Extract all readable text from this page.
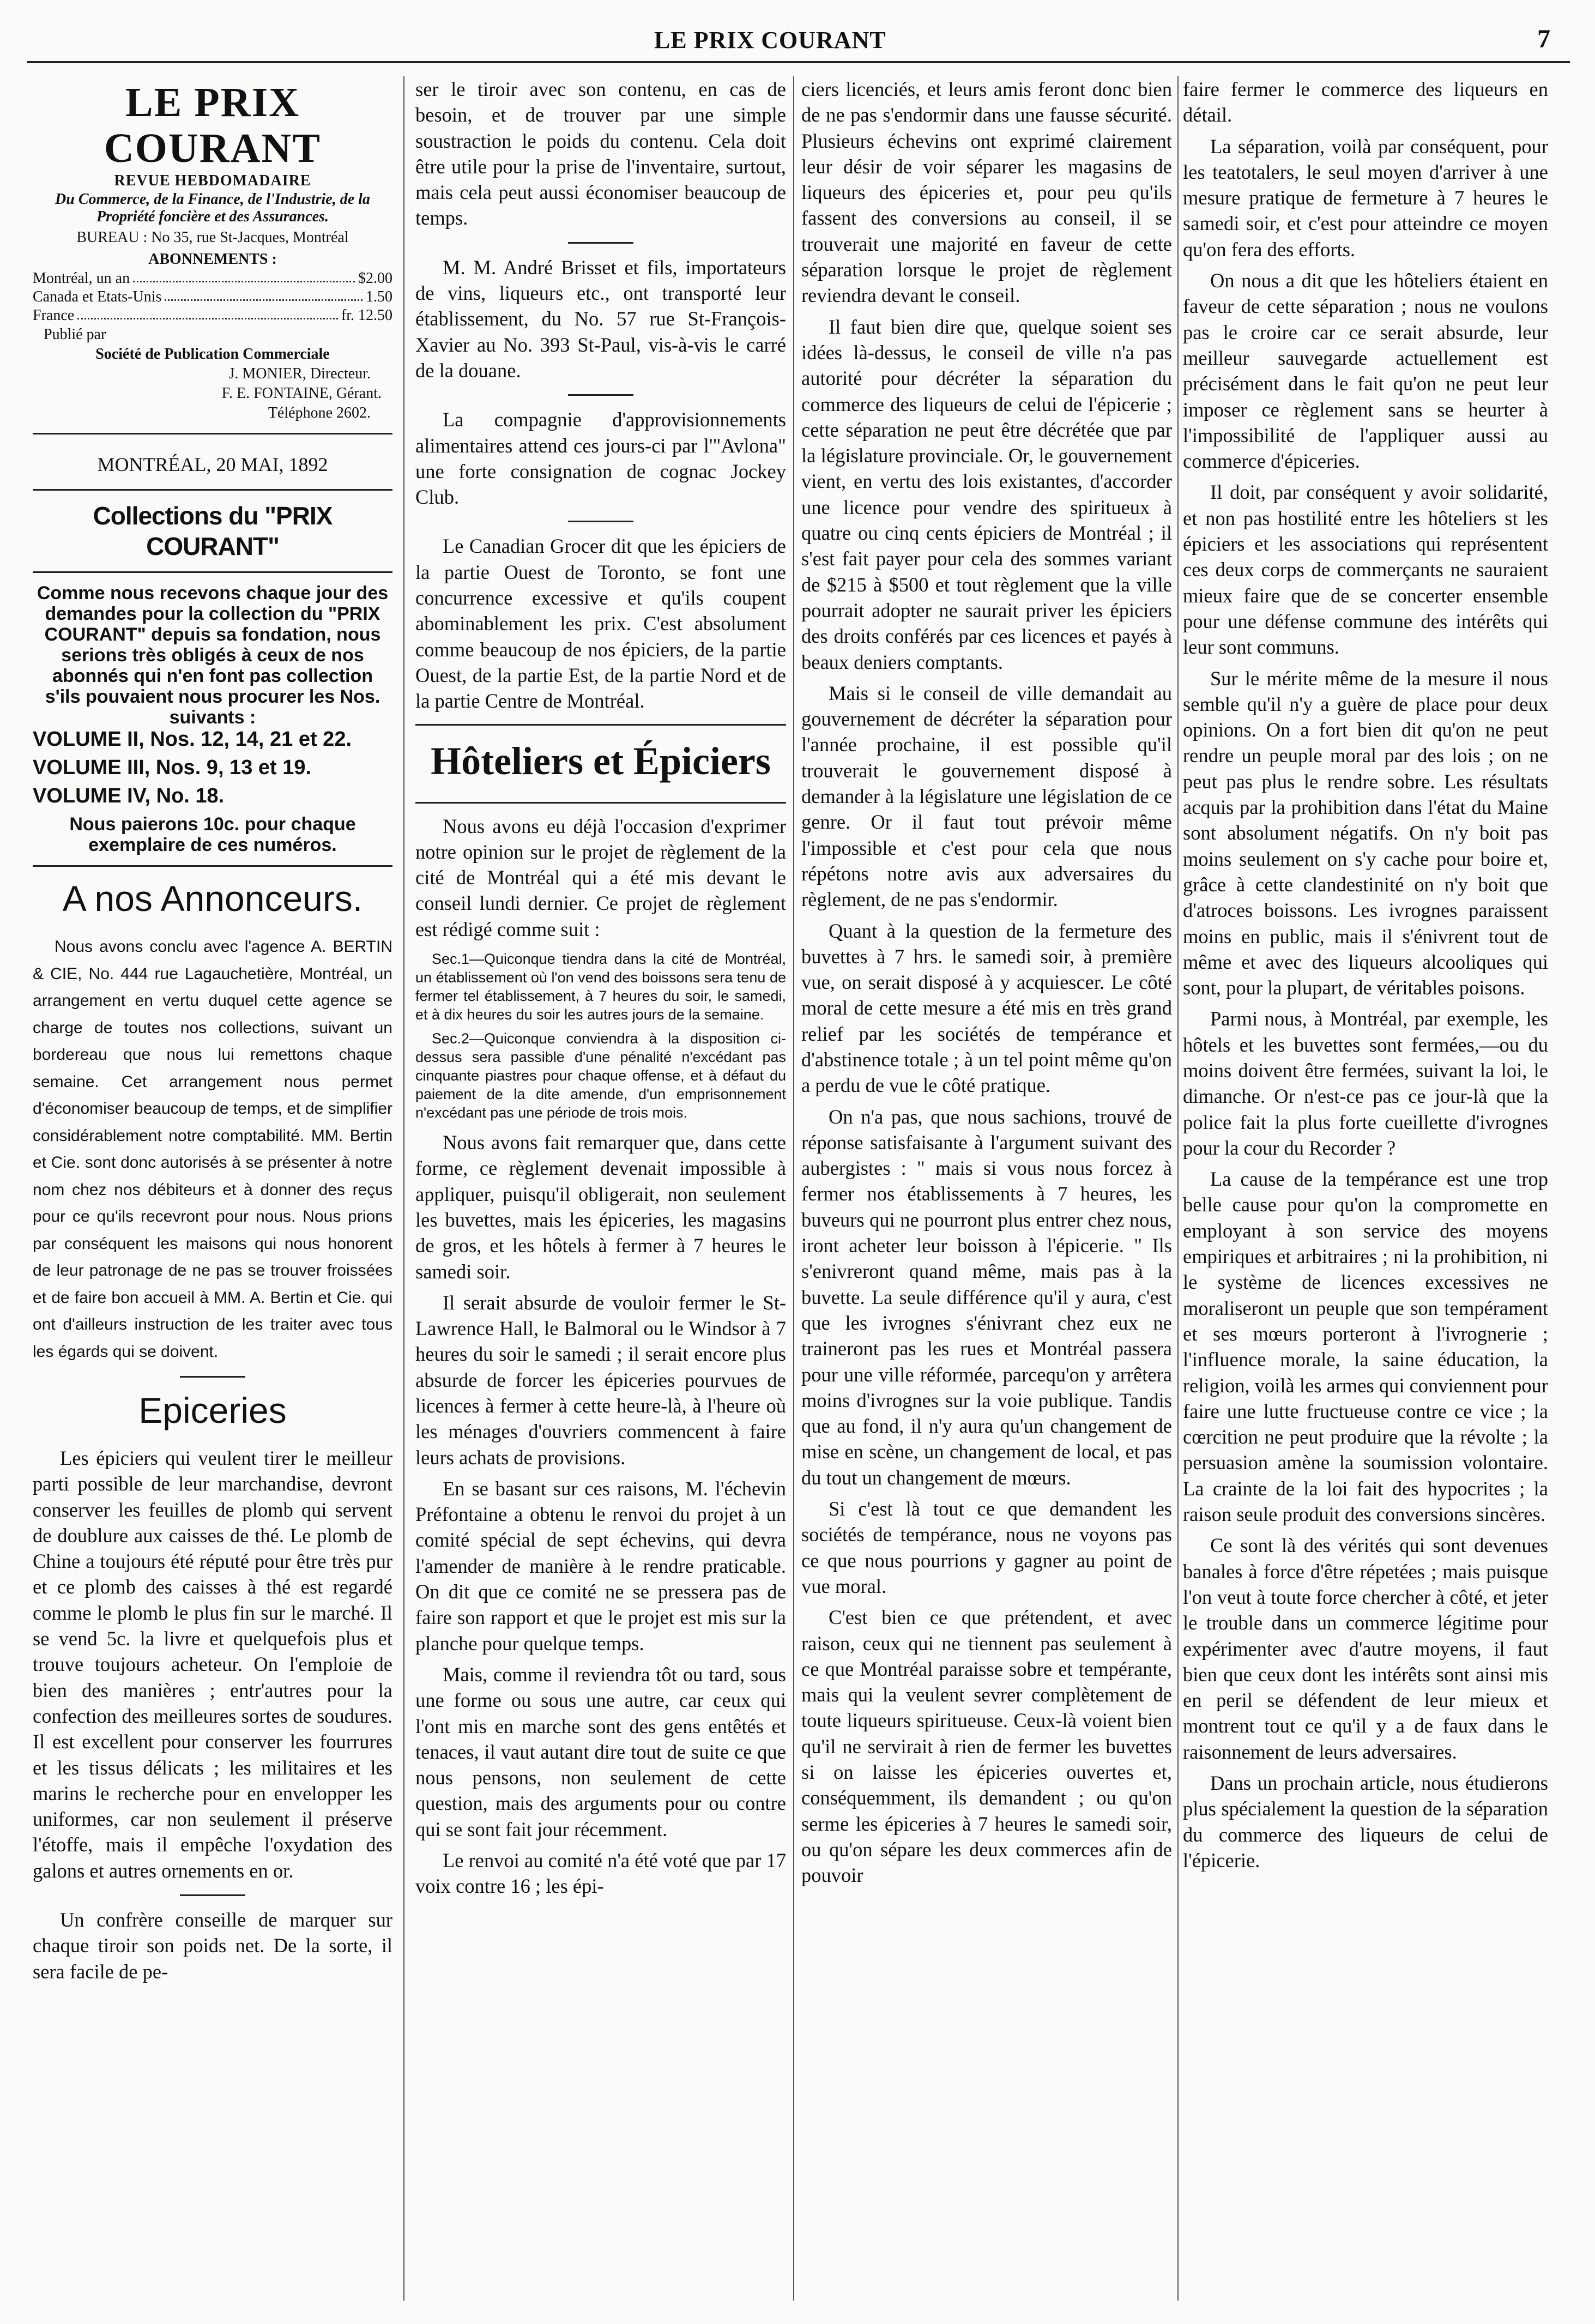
LE PRIX COURANT	7
LE PRIX COURANT
REVUE HEBDOMADAIRE
Du Commerce, de la Finance, de l'Industrie, de la Propriété foncière et des Assurances.
BUREAU : No 35, rue St-Jacques, Montréal
ABONNEMENTS :
Montréal, un an	$2.00
Canada et Etats-Unis	1.50
France	fr. 12.50
Publié par
Société de Publication Commerciale
J. MONIER, Directeur.
F. E. FONTAINE, Gérant.
Téléphone 2602.
MONTRÉAL, 20 MAI, 1892
Collections du "PRIX COURANT"

Comme nous recevons chaque jour des demandes pour la collection du "PRIX COURANT" depuis sa fondation, nous serions très obligés à ceux de nos abonnés qui n'en font pas collection s'ils pouvaient nous procurer les Nos. suivants :

VOLUME II, Nos. 12, 14, 21 et 22.

VOLUME III, Nos. 9, 13 et 19.

VOLUME IV, No. 18.

Nous paierons 10c. pour chaque exemplaire de ces numéros.

A nos Annonceurs.

Nous avons conclu avec l'agence A. BERTIN & CIE, No. 444 rue Lagauchetière, Montréal, un arrangement en vertu duquel cette agence se charge de toutes nos collections, suivant un bordereau que nous lui remettons chaque semaine. Cet arrangement nous permet d'économiser beaucoup de temps, et de simplifier considérablement notre comptabilité. MM. Bertin et Cie. sont donc autorisés à se présenter à notre nom chez nos débiteurs et à donner des reçus pour ce qu'ils recevront pour nous. Nous prions par conséquent les maisons qui nous honorent de leur patronage de ne pas se trouver froissées et de faire bon accueil à MM. A. Bertin et Cie. qui ont d'ailleurs instruction de les traiter avec tous les égards qui se doivent.

Epiceries

Les épiciers qui veulent tirer le meilleur parti possible de leur marchandise, devront conserver les feuilles de plomb qui servent de doublure aux caisses de thé. Le plomb de Chine a toujours été réputé pour être très pur et ce plomb des caisses à thé est regardé comme le plomb le plus fin sur le marché. Il se vend 5c. la livre et quelquefois plus et trouve toujours acheteur. On l'emploie de bien des manières ; entr'autres pour la confection des meilleures sortes de soudures. Il est excellent pour conserver les fourrures et les tissus délicats ; les militaires et les marins le recherche pour en envelopper les uniformes, car non seulement il préserve l'étoffe, mais il empêche l'oxydation des galons et autres ornements en or.

Un confrère conseille de marquer sur chaque tiroir son poids net. De la sorte, il sera facile de pe-

ser le tiroir avec son contenu, en cas de besoin, et de trouver par une simple soustraction le poids du contenu. Cela doit être utile pour la prise de l'inventaire, surtout, mais cela peut aussi économiser beaucoup de temps.

M. M. André Brisset et fils, importateurs de vins, liqueurs etc., ont transporté leur établissement, du No. 57 rue St-François-Xavier au No. 393 St-Paul, vis-à-vis le carré de la douane.

La compagnie d'approvisionnements alimentaires attend ces jours-ci par l'"Avlona" une forte consignation de cognac Jockey Club.

Le Canadian Grocer dit que les épiciers de la partie Ouest de Toronto, se font une concurrence excessive et qu'ils coupent abominablement les prix. C'est absolument comme beaucoup de nos épiciers, de la partie Ouest, de la partie Est, de la partie Nord et de la partie Centre de Montréal.

Hôteliers et Épiciers

Nous avons eu déjà l'occasion d'exprimer notre opinion sur le projet de règlement de la cité de Montréal qui a été mis devant le conseil lundi dernier. Ce projet de règlement est rédigé comme suit :

Sec.1—Quiconque tiendra dans la cité de Montréal, un établissement où l'on vend des boissons sera tenu de fermer tel établissement, à 7 heures du soir, le samedi, et à dix heures du soir les autres jours de la semaine.

Sec.2—Quiconque conviendra à la disposition ci-dessus sera passible d'une pénalité n'excédant pas cinquante piastres pour chaque offense, et à défaut du paiement de la dite amende, d'un emprisonnement n'excédant pas une période de trois mois.

Nous avons fait remarquer que, dans cette forme, ce règlement devenait impossible à appliquer, puisqu'il obligerait, non seulement les buvettes, mais les épiceries, les magasins de gros, et les hôtels à fermer à 7 heures le samedi soir.

Il serait absurde de vouloir fermer le St-Lawrence Hall, le Balmoral ou le Windsor à 7 heures du soir le samedi ; il serait encore plus absurde de forcer les épiceries pourvues de licences à fermer à cette heure-là, à l'heure où les ménages d'ouvriers commencent à faire leurs achats de provisions.

En se basant sur ces raisons, M. l'échevin Préfontaine a obtenu le renvoi du projet à un comité spécial de sept échevins, qui devra l'amender de manière à le rendre praticable. On dit que ce comité ne se pressera pas de faire son rapport et que le projet est mis sur la planche pour quelque temps.

Mais, comme il reviendra tôt ou tard, sous une forme ou sous une autre, car ceux qui l'ont mis en marche sont des gens entêtés et tenaces, il vaut autant dire tout de suite ce que nous pensons, non seulement de cette question, mais des arguments pour ou contre qui se sont fait jour récemment.

Le renvoi au comité n'a été voté que par 17 voix contre 16 ; les épi-

ciers licenciés, et leurs amis feront donc bien de ne pas s'endormir dans une fausse sécurité. Plusieurs échevins ont exprimé clairement leur désir de voir séparer les magasins de liqueurs des épiceries et, pour peu qu'ils fassent des conversions au conseil, il se trouverait une majorité en faveur de cette séparation lorsque le projet de règlement reviendra devant le conseil.

Il faut bien dire que, quelque soient ses idées là-dessus, le conseil de ville n'a pas autorité pour décréter la séparation du commerce des liqueurs de celui de l'épicerie ; cette séparation ne peut être décrétée que par la législature provinciale. Or, le gouvernement vient, en vertu des lois existantes, d'accorder une licence pour vendre des spiritueux à quatre ou cinq cents épiciers de Montréal ; il s'est fait payer pour cela des sommes variant de $215 à $500 et tout règlement que la ville pourrait adopter ne saurait priver les épiciers des droits conférés par ces licences et payés à beaux deniers comptants.

Mais si le conseil de ville demandait au gouvernement de décréter la séparation pour l'année prochaine, il est possible qu'il trouverait le gouvernement disposé à demander à la législature une législation de ce genre. Or il faut tout prévoir même l'impossible et c'est pour cela que nous répétons notre avis aux adversaires du règlement, de ne pas s'endormir.

Quant à la question de la fermeture des buvettes à 7 hrs. le samedi soir, à première vue, on serait disposé à y acquiescer. Le côté moral de cette mesure a été mis en très grand relief par les sociétés de tempérance et d'abstinence totale ; à un tel point même qu'on a perdu de vue le côté pratique.

On n'a pas, que nous sachions, trouvé de réponse satisfaisante à l'argument suivant des aubergistes : " mais si vous nous forcez à fermer nos établissements à 7 heures, les buveurs qui ne pourront plus entrer chez nous, iront acheter leur boisson à l'épicerie. " Ils s'enivreront quand même, mais pas à la buvette. La seule différence qu'il y aura, c'est que les ivrognes s'énivrant chez eux ne traineront pas les rues et Montréal passera pour une ville réformée, parcequ'on y arrêtera moins d'ivrognes sur la voie publique. Tandis que au fond, il n'y aura qu'un changement de mise en scène, un changement de local, et pas du tout un changement de mœurs.

Si c'est là tout ce que demandent les sociétés de tempérance, nous ne voyons pas ce que nous pourrions y gagner au point de vue moral.

C'est bien ce que prétendent, et avec raison, ceux qui ne tiennent pas seulement à ce que Montréal paraisse sobre et tempérante, mais qui la veulent sevrer complètement de toute liqueurs spiritueuse. Ceux-là voient bien qu'il ne servirait à rien de fermer les buvettes si on laisse les épiceries ouvertes et, conséquemment, ils demandent ; ou qu'on serme les épiceries à 7 heures le samedi soir, ou qu'on sépare les deux commerces afin de pouvoir

faire fermer le commerce des liqueurs en détail.

La séparation, voilà par conséquent, pour les teatotalers, le seul moyen d'arriver à une mesure pratique de fermeture à 7 heures le samedi soir, et c'est pour atteindre ce moyen qu'on fera des efforts.

On nous a dit que les hôteliers étaient en faveur de cette séparation ; nous ne voulons pas le croire car ce serait absurde, leur meilleur sauvegarde actuellement est précisément dans le fait qu'on ne peut leur imposer ce règlement sans se heurter à l'impossibilité de l'appliquer aussi au commerce d'épiceries.

Il doit, par conséquent y avoir solidarité, et non pas hostilité entre les hôteliers st les épiciers et les associations qui représentent ces deux corps de commerçants ne sauraient mieux faire que de se concerter ensemble pour une défense commune des intérêts qui leur sont communs.

Sur le mérite même de la mesure il nous semble qu'il n'y a guère de place pour deux opinions. On a fort bien dit qu'on ne peut rendre un peuple moral par des lois ; on ne peut pas plus le rendre sobre. Les résultats acquis par la prohibition dans l'état du Maine sont absolument négatifs. On n'y boit pas moins seulement on s'y cache pour boire et, grâce à cette clandestinité on n'y boit que d'atroces boissons. Les ivrognes paraissent moins en public, mais il s'énivrent tout de même et avec des liqueurs alcooliques qui sont, pour la plupart, de véritables poisons.

Parmi nous, à Montréal, par exemple, les hôtels et les buvettes sont fermées,—ou du moins doivent être fermées, suivant la loi, le dimanche. Or n'est-ce pas ce jour-là que la police fait la plus forte cueillette d'ivrognes pour la cour du Recorder ?

La cause de la tempérance est une trop belle cause pour qu'on la compromette en employant à son service des moyens empiriques et arbitraires ; ni la prohibition, ni le système de licences excessives ne moraliseront un peuple que son tempérament et ses mœurs porteront à l'ivrognerie ; l'influence morale, la saine éducation, la religion, voilà les armes qui conviennent pour faire une lutte fructueuse contre ce vice ; la cœrcition ne peut produire que la révolte ; la persuasion amène la soumission volontaire. La crainte de la loi fait des hypocrites ; la raison seule produit des conversions sincères.

Ce sont là des vérités qui sont devenues banales à force d'être répetées ; mais puisque l'on veut à toute force chercher à côté, et jeter le trouble dans un commerce légitime pour expérimenter avec d'autre moyens, il faut bien que ceux dont les intérêts sont ainsi mis en peril se défendent de leur mieux et montrent tout ce qu'il y a de faux dans le raisonnement de leurs adversaires.

Dans un prochain article, nous étudierons plus spécialement la question de la séparation du commerce des liqueurs de celui de l'épicerie.
